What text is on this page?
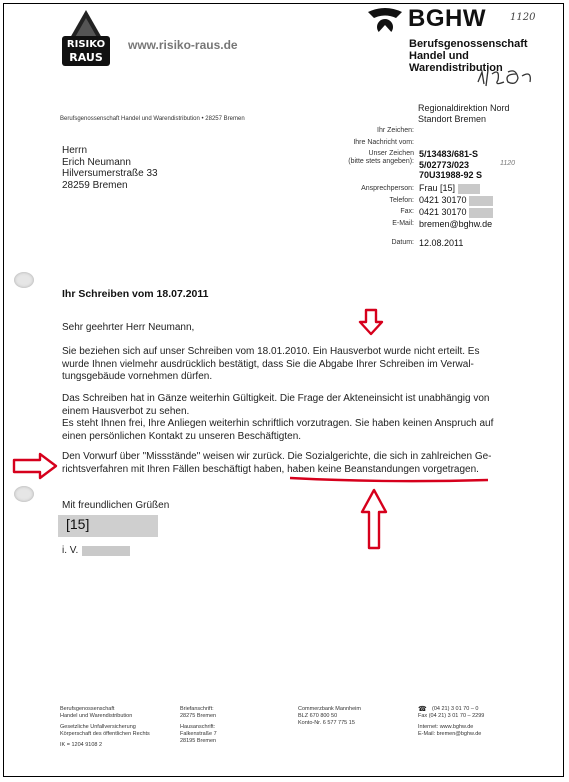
RISIKO
RAUS
www.risiko-raus.de
BGHW
Berufsgenossenschaft
Handel und
Warendistribution
1120
Berufsgenossenschaft Handel und Warendistribution • 28257 Bremen
Herrn
Erich Neumann
Hilversumerstraße 33
28259 Bremen
Regionaldirektion Nord
Standort Bremen
Ihr Zeichen:
Ihre Nachricht vom:
Unser Zeichen
(bitte stets angeben):
5/13483/681-S
5/02773/023
70U31988-92 S
1120
Ansprechperson: Frau [15]
Telefon: 0421 30170
Fax: 0421 30170
E-Mail: bremen@bghw.de
Datum: 12.08.2011
Ihr Schreiben vom 18.07.2011
Sehr geehrter Herr Neumann,
Sie beziehen sich auf unser Schreiben vom 18.01.2010. Ein Hausverbot wurde nicht erteilt. Es
wurde Ihnen vielmehr ausdrücklich bestätigt, dass Sie die Abgabe Ihrer Schreiben im Verwal-
tungsgebäude vornehmen dürfen.
Das Schreiben hat in Gänze weiterhin Gültigkeit. Die Frage der Akteneinsicht ist unabhängig von
einem Hausverbot zu sehen.
Es steht Ihnen frei, Ihre Anliegen weiterhin schriftlich vorzutragen. Sie haben keinen Anspruch auf
einen persönlichen Kontakt zu unseren Beschäftigten.
Den Vorwurf über "Missstände" weisen wir zurück. Die Sozialgerichte, die sich in zahlreichen Ge-
richtsverfahren mit Ihren Fällen beschäftigt haben, haben keine Beanstandungen vorgetragen.
Mit freundlichen Grüßen
[15]
i. V.
Berufsgenossenschaft
Handel und Warendistribution
Gesetzliche Unfallversicherung
Körperschaft des öffentlichen Rechts
IK = 1204 9108 2
Briefanschrift:
28275 Bremen
Hausanschrift:
Falkenstraße 7
28195 Bremen
Commerzbank Mannheim
BLZ 670 800 50
Konto-Nr. 6 577 775 15
☎ (04 21) 3 01 70 – 0
Fax (04 21) 3 01 70 – 2299
Internet: www.bghw.de
E-Mail: bremen@bghw.de
